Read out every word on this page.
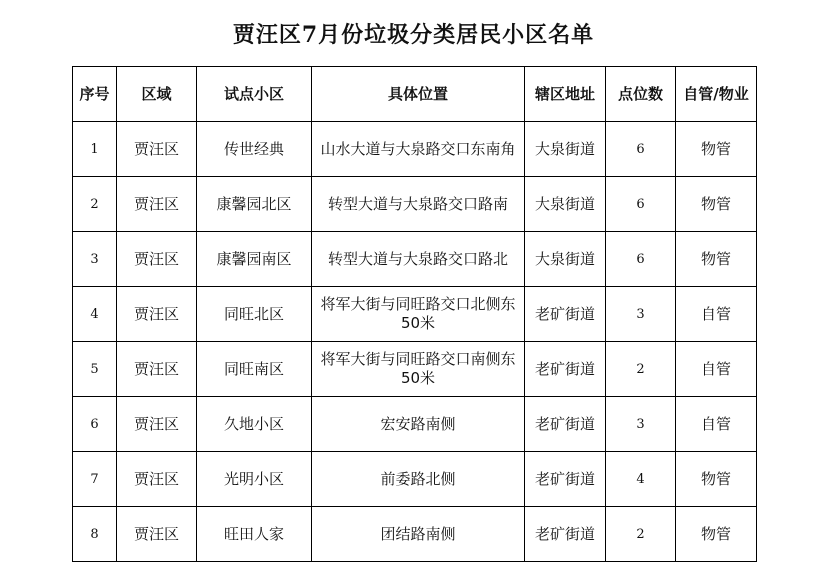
贾汪区7月份垃圾分类居民小区名单
序号	区域	试点小区	具体位置	辖区地址	点位数	自管/物业
1	贾汪区	传世经典	山水大道与大泉路交口东南角	大泉街道	6	物管
2	贾汪区	康馨园北区	转型大道与大泉路交口路南	大泉街道	6	物管
3	贾汪区	康馨园南区	转型大道与大泉路交口路北	大泉街道	6	物管
4	贾汪区	同旺北区	将军大街与同旺路交口北侧东50米	老矿街道	3	自管
5	贾汪区	同旺南区	将军大街与同旺路交口南侧东50米	老矿街道	2	自管
6	贾汪区	久地小区	宏安路南侧	老矿街道	3	自管
7	贾汪区	光明小区	前委路北侧	老矿街道	4	物管
8	贾汪区	旺田人家	团结路南侧	老矿街道	2	物管
